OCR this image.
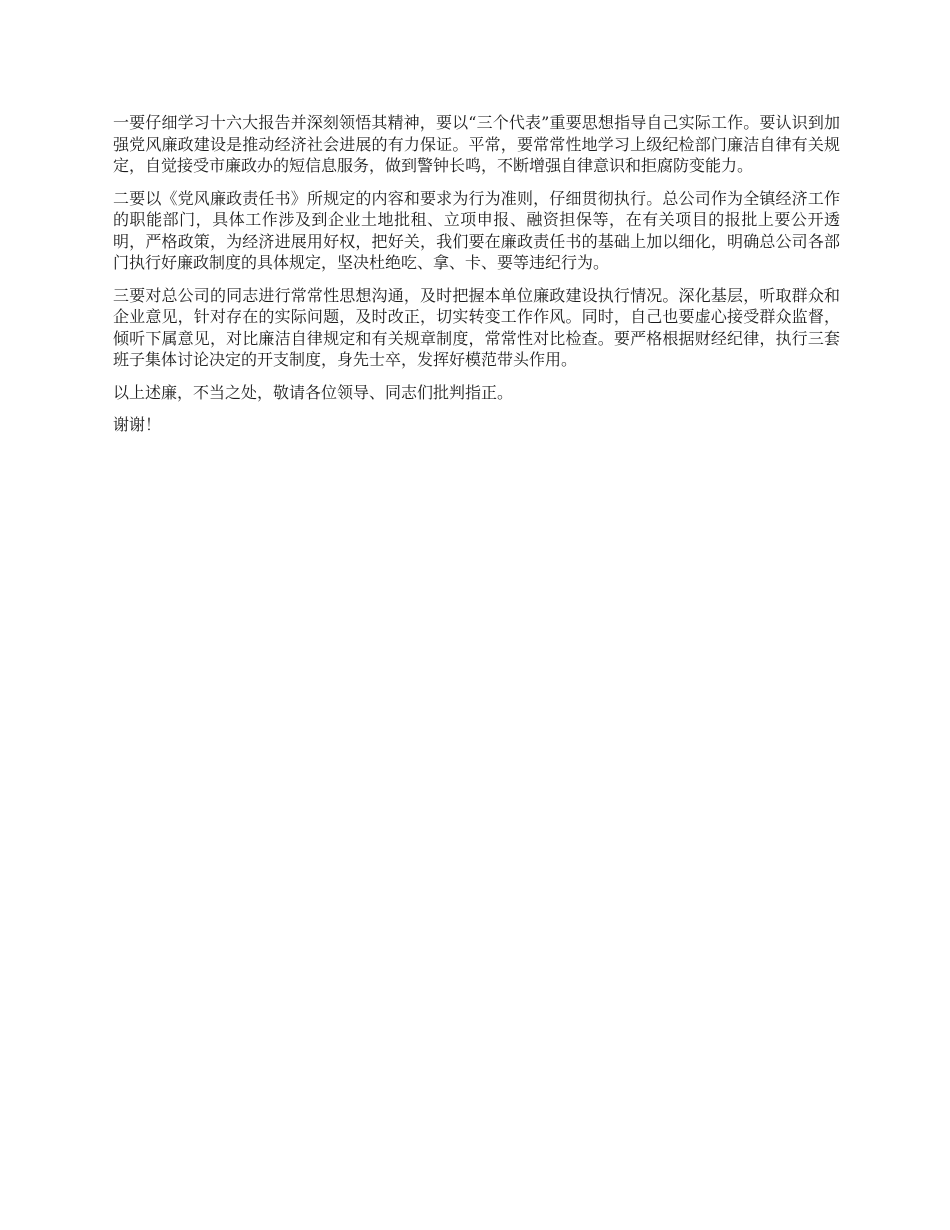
一要仔细学习十六大报告并深刻领悟其精神，要以“三个代表”重要思想指导自己实际工作。要认识到加强党风廉政建设是推动经济社会进展的有力保证。平常，要常常性地学习上级纪检部门廉洁自律有关规定，自觉接受市廉政办的短信息服务，做到警钟长鸣，不断增强自律意识和拒腐防变能力。

二要以《党风廉政责任书》所规定的内容和要求为行为准则，仔细贯彻执行。总公司作为全镇经济工作的职能部门，具体工作涉及到企业土地批租、立项申报、融资担保等，在有关项目的报批上要公开透明，严格政策，为经济进展用好权，把好关，我们要在廉政责任书的基础上加以细化，明确总公司各部门执行好廉政制度的具体规定，坚决杜绝吃、拿、卡、要等违纪行为。

三要对总公司的同志进行常常性思想沟通，及时把握本单位廉政建设执行情况。深化基层，听取群众和企业意见，针对存在的实际问题，及时改正，切实转变工作作风。同时，自己也要虚心接受群众监督，倾听下属意见，对比廉洁自律规定和有关规章制度，常常性对比检查。要严格根据财经纪律，执行三套班子集体讨论决定的开支制度，身先士卒，发挥好模范带头作用。

以上述廉，不当之处，敬请各位领导、同志们批判指正。

谢谢！
